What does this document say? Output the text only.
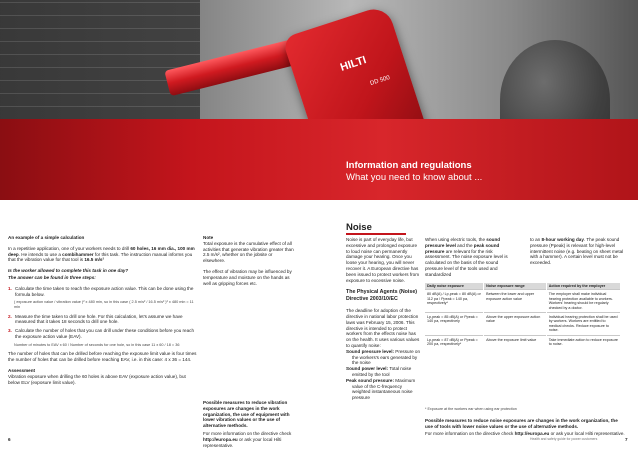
HILTI
DD 500
Information and regulations
What you need to know about ...

An example of a simple calculation

In a repetitive application, one of your workers needs to drill 60 holes, 16 mm dia., 100 mm deep. He intends to use a combihammer for this task. The instruction manual informs you that the vibration value for that tool is 16.5 m/s²

Is the worker allowed to complete this task in one day?

The answer can be found in three steps:

1. Calculate the time taken to reach the exposure action value. This can be done using the formula below.
( exposure action value / vibration value )² x 480 min, so in this case ( 2.5 m/s² / 16.5 m/s² )² x 480 min = 11 min
2. Measure the time taken to drill one hole. For this calculation, let's assume we have measured that it takes 18 seconds to drill one hole.
3. Calculate the number of holes that you can drill under these conditions before you reach the exposure action value (EAV).
Number of minutes to EAV x 60 / Number of seconds for one hole, so in this case 11 x 60 / 18 = 36

The number of holes that can be drilled before reaching the exposure limit value is four times the number of holes that can be drilled before reaching EAV, i.e. in this case: 4 x 36 = 144.

Assessment

Vibration exposure when drilling the 60 holes is above EAV (exposure action value), but below ELV (exposure limit value).

Note

Total exposure is the cumulative effect of all activities that generate vibration greater than 2.5 m/s², whether on the jobsite or elsewhere.

The effect of vibration may be influenced by temperature and moisture on the hands as well as gripping forces etc.

Possible measures to reduce vibration exposures are changes in the work organization, the use of equipment with lower vibration values or the use of alternative methods.

For more information on the directive check http://europa.eu or ask your local Hilti representative.

Noise

Noise is part of everyday life, but excessive and prolonged exposure to loud noise can permanently damage your hearing. Once you loose your hearing, you will never recover it. A European directive has been issued to protect workers from exposure to excessive noise.

The Physical Agents (Noise) Directive 2003/10/EC

The deadline for adoption of the directive in national labor protection laws was February 15, 2006. This directive is intended to protect workers from the effects noise has on the health. It uses various values to quantify noise:

Sound pressure level: Pressure on the workers's ears generated by the noise

Sound power level: Total noise emitted by the tool

Peak sound pressure: Maximum value of the C-frequency weighted instantaneous noise pressure

When using electric tools, the sound pressure level and the peak sound pressure are relevant for the risk assessment. The noise exposure level is calculated on the basis of the sound pressure level of the tools used and standardized

to an 8-hour working day. The peak sound pressure (Ppeak) is relevant for high-level intermittent noise (e.g. beating on sheet metal with a hammer). A certain level must not be exceeded.

Daily noise exposure	Noise exposure range	Action required by the employer
80 dB(A) / Lp,peak = 80 dB(A) or 112 pa / Ppeak = 140 pa, respectively*	Between the lower and upper exposure action value	The employer shall make individual hearing protection available to workers. Workers' hearing should be regularly checked by a doctor.
Lp,peak = 85 dB(A) or Ppeak = 140 pa, respectively	Above the upper exposure action value	Individual hearing protection shall be used by workers. Workers are entitled to medical checks. Reduce exposure to noise.
Lp,peak = 87 dB(A) or Ppeak = 200 pa, respectively*	Above the exposure limit value	Take immediate action to reduce exposure to noise.
* Exposure at the workers ear when using ear protection

Possible measures to reduce noise exposures are changes in the work organization, the use of tools with lower noise values or the use of alternative methods.

For more information on the directive check http://europa.eu or ask your local Hilti representative.

6	Health and safety guide for power customers	7
